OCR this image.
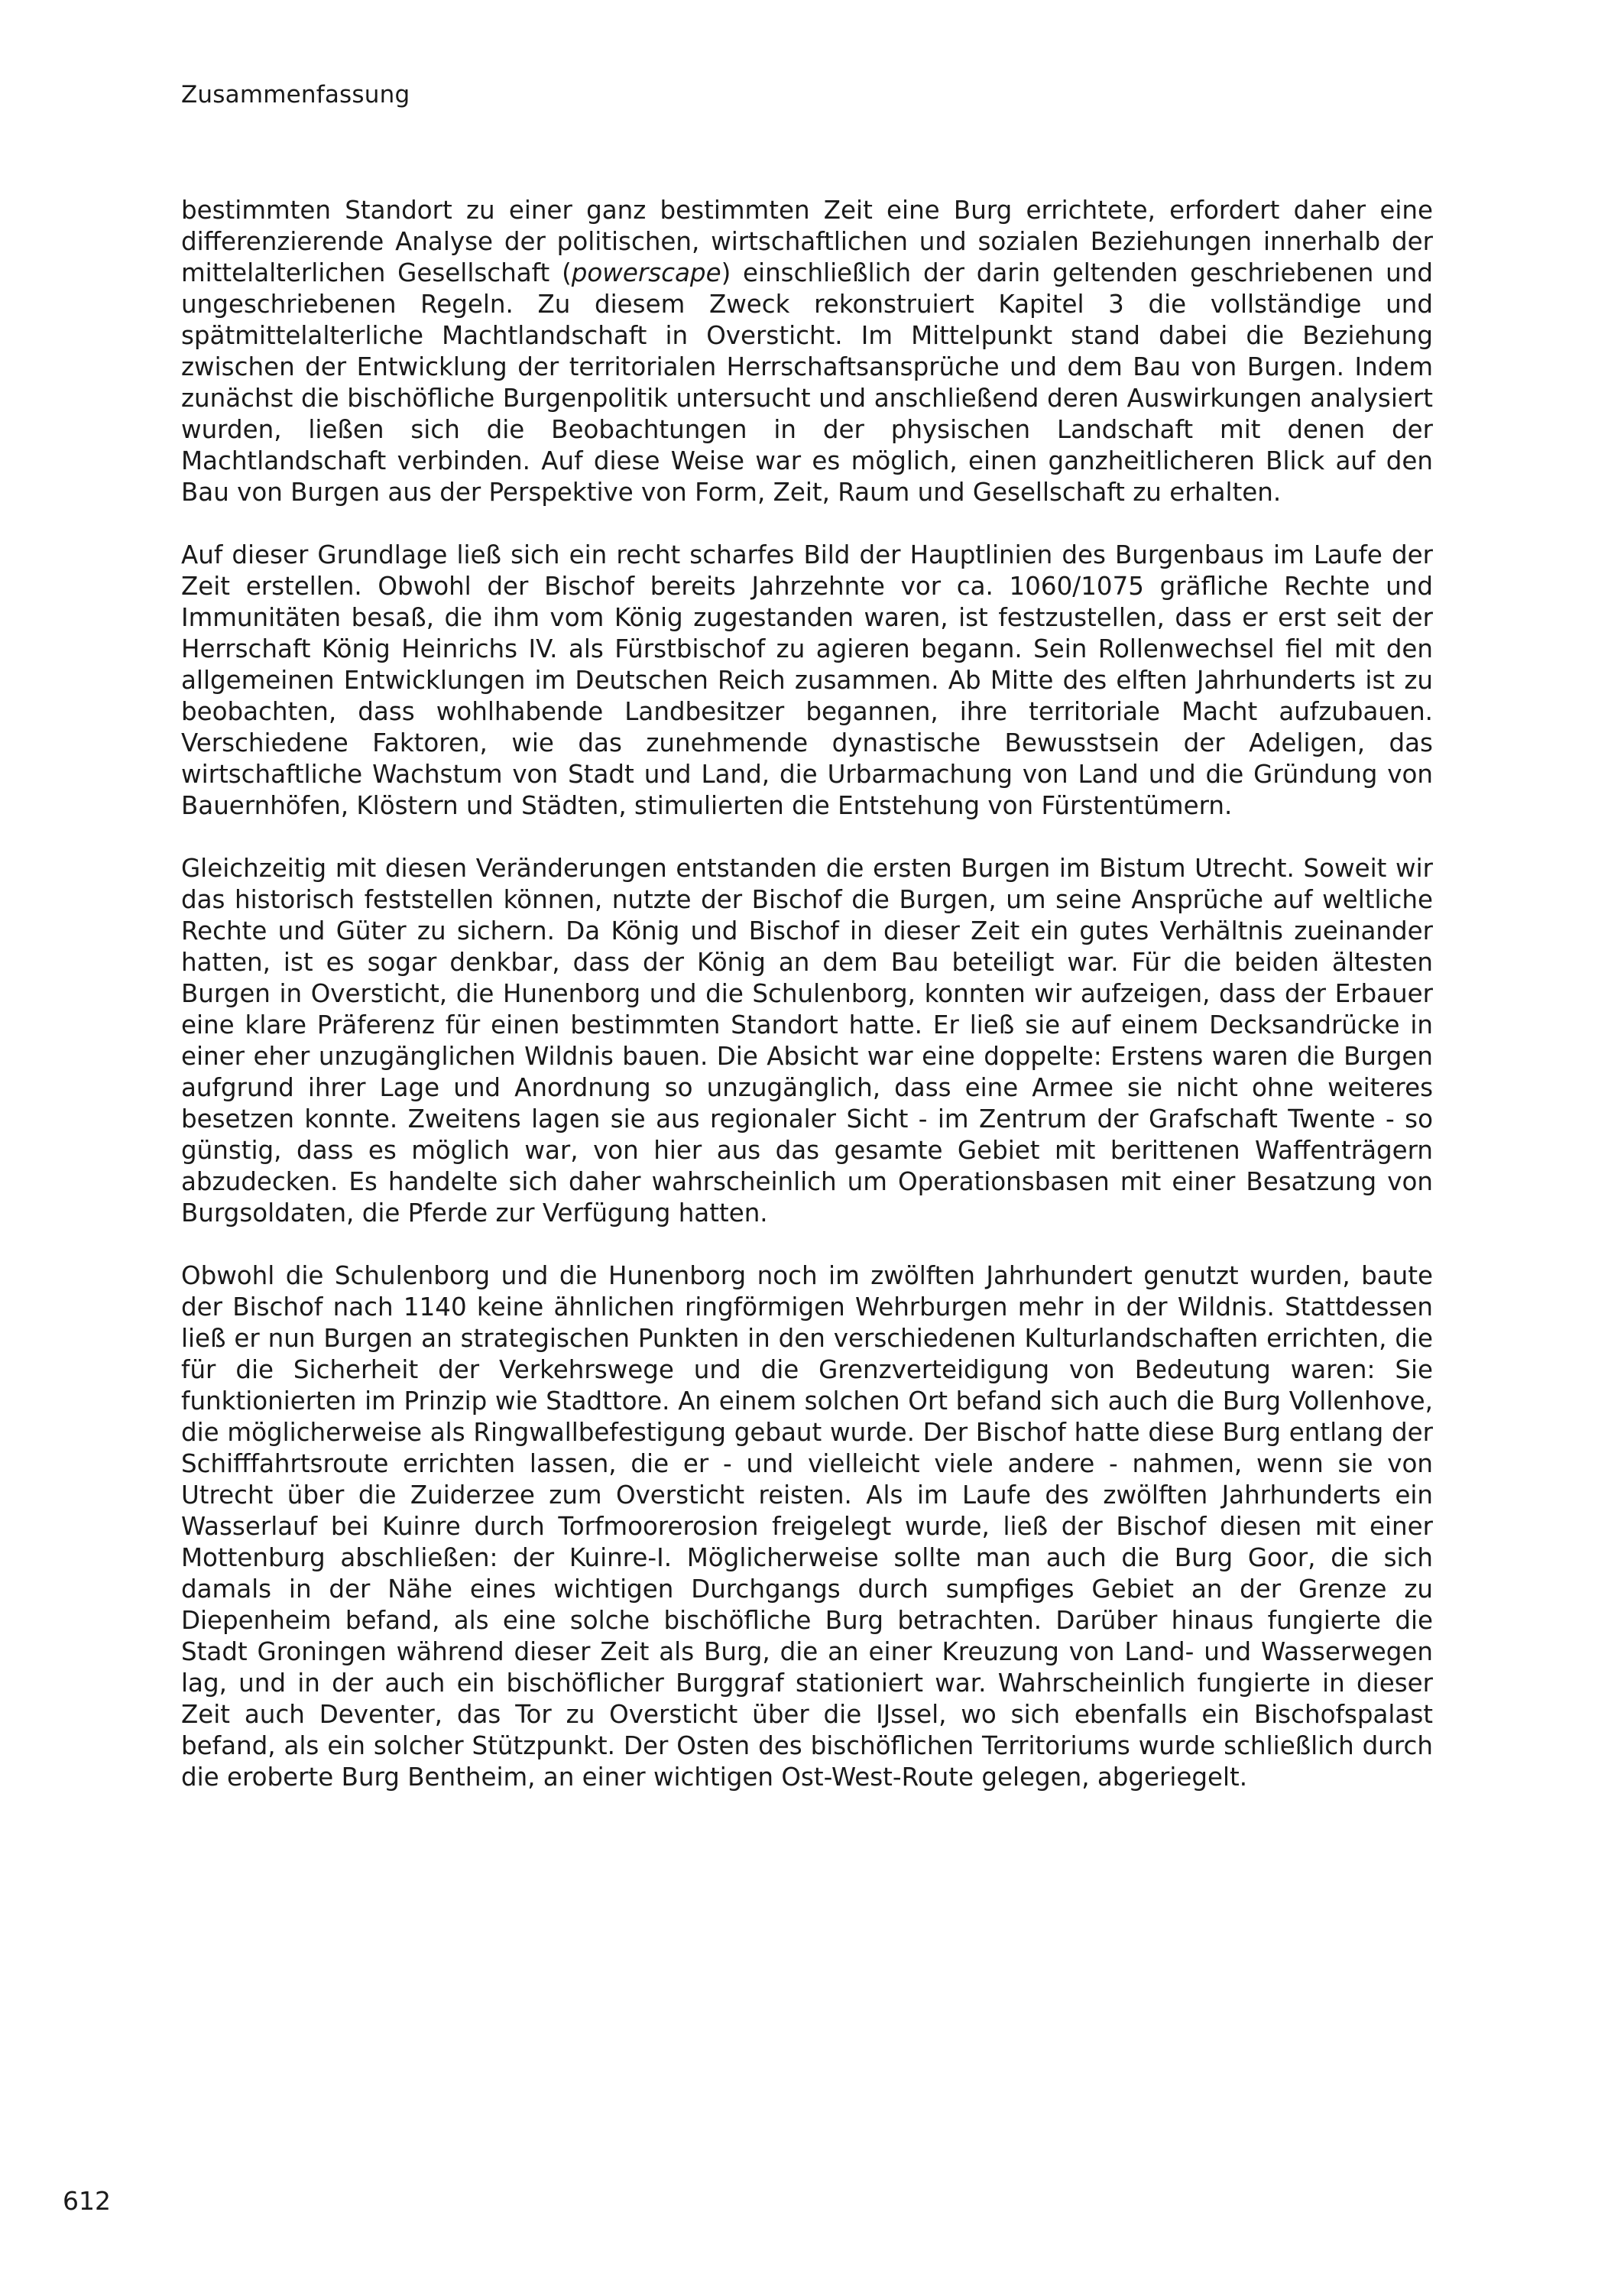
Zusammenfassung

bestimmten Standort zu einer ganz bestimmten Zeit eine Burg errichtete, erfordert daher eine differenzierende Analyse der politischen, wirtschaftlichen und sozialen Beziehungen innerhalb der mittelalterlichen Gesellschaft (powerscape) einschließlich der darin geltenden geschriebenen und ungeschriebenen Regeln. Zu diesem Zweck rekonstruiert Kapitel 3 die vollständige und spätmittelalterliche Machtlandschaft in Oversticht. Im Mittelpunkt stand dabei die Beziehung zwischen der Entwicklung der territorialen Herrschaftsansprüche und dem Bau von Burgen. Indem zunächst die bischöfliche Burgenpolitik untersucht und anschließend deren Auswirkungen analysiert wurden, ließen sich die Beobachtungen in der physischen Landschaft mit denen der Machtlandschaft verbinden. Auf diese Weise war es möglich, einen ganzheitlicheren Blick auf den Bau von Burgen aus der Perspektive von Form, Zeit, Raum und Gesellschaft zu erhalten.

Auf dieser Grundlage ließ sich ein recht scharfes Bild der Hauptlinien des Burgenbaus im Laufe der Zeit erstellen. Obwohl der Bischof bereits Jahrzehnte vor ca. 1060/1075 gräfliche Rechte und Immunitäten besaß, die ihm vom König zugestanden waren, ist festzustellen, dass er erst seit der Herrschaft König Heinrichs IV. als Fürstbischof zu agieren begann. Sein Rollenwechsel fiel mit den allgemeinen Entwicklungen im Deutschen Reich zusammen. Ab Mitte des elften Jahrhunderts ist zu beobachten, dass wohlhabende Landbesitzer begannen, ihre territoriale Macht aufzubauen. Verschiedene Faktoren, wie das zunehmende dynastische Bewusstsein der Adeligen, das wirtschaftliche Wachstum von Stadt und Land, die Urbarmachung von Land und die Gründung von Bauernhöfen, Klöstern und Städten, stimulierten die Entstehung von Fürstentümern.

Gleichzeitig mit diesen Veränderungen entstanden die ersten Burgen im Bistum Utrecht. Soweit wir das historisch feststellen können, nutzte der Bischof die Burgen, um seine Ansprüche auf weltliche Rechte und Güter zu sichern. Da König und Bischof in dieser Zeit ein gutes Verhältnis zueinander hatten, ist es sogar denkbar, dass der König an dem Bau beteiligt war. Für die beiden ältesten Burgen in Oversticht, die Hunenborg und die Schulenborg, konnten wir aufzeigen, dass der Erbauer eine klare Präferenz für einen bestimmten Standort hatte. Er ließ sie auf einem Decksandrücke in einer eher unzugänglichen Wildnis bauen. Die Absicht war eine doppelte: Erstens waren die Burgen aufgrund ihrer Lage und Anordnung so unzugänglich, dass eine Armee sie nicht ohne weiteres besetzen konnte. Zweitens lagen sie aus regionaler Sicht - im Zentrum der Grafschaft Twente - so günstig, dass es möglich war, von hier aus das gesamte Gebiet mit berittenen Waffenträgern abzudecken. Es handelte sich daher wahrscheinlich um Operationsbasen mit einer Besatzung von Burgsoldaten, die Pferde zur Verfügung hatten.

Obwohl die Schulenborg und die Hunenborg noch im zwölften Jahrhundert genutzt wurden, baute der Bischof nach 1140 keine ähnlichen ringförmigen Wehrburgen mehr in der Wildnis. Stattdessen ließ er nun Burgen an strategischen Punkten in den verschiedenen Kulturlandschaften errichten, die für die Sicherheit der Verkehrswege und die Grenzverteidigung von Bedeutung waren: Sie funktionierten im Prinzip wie Stadttore. An einem solchen Ort befand sich auch die Burg Vollenhove, die möglicherweise als Ringwallbefestigung gebaut wurde. Der Bischof hatte diese Burg entlang der Schifffahrtsroute errichten lassen, die er - und vielleicht viele andere - nahmen, wenn sie von Utrecht über die Zuiderzee zum Oversticht reisten. Als im Laufe des zwölften Jahrhunderts ein Wasserlauf bei Kuinre durch Torfmoorerosion freigelegt wurde, ließ der Bischof diesen mit einer Mottenburg abschließen: der Kuinre-I. Möglicherweise sollte man auch die Burg Goor, die sich damals in der Nähe eines wichtigen Durchgangs durch sumpfiges Gebiet an der Grenze zu Diepenheim befand, als eine solche bischöfliche Burg betrachten. Darüber hinaus fungierte die Stadt Groningen während dieser Zeit als Burg, die an einer Kreuzung von Land- und Wasserwegen lag, und in der auch ein bischöflicher Burggraf stationiert war. Wahrscheinlich fungierte in dieser Zeit auch Deventer, das Tor zu Oversticht über die IJssel, wo sich ebenfalls ein Bischofspalast befand, als ein solcher Stützpunkt. Der Osten des bischöflichen Territoriums wurde schließlich durch die eroberte Burg Bentheim, an einer wichtigen Ost-West-Route gelegen, abgeriegelt.

612
